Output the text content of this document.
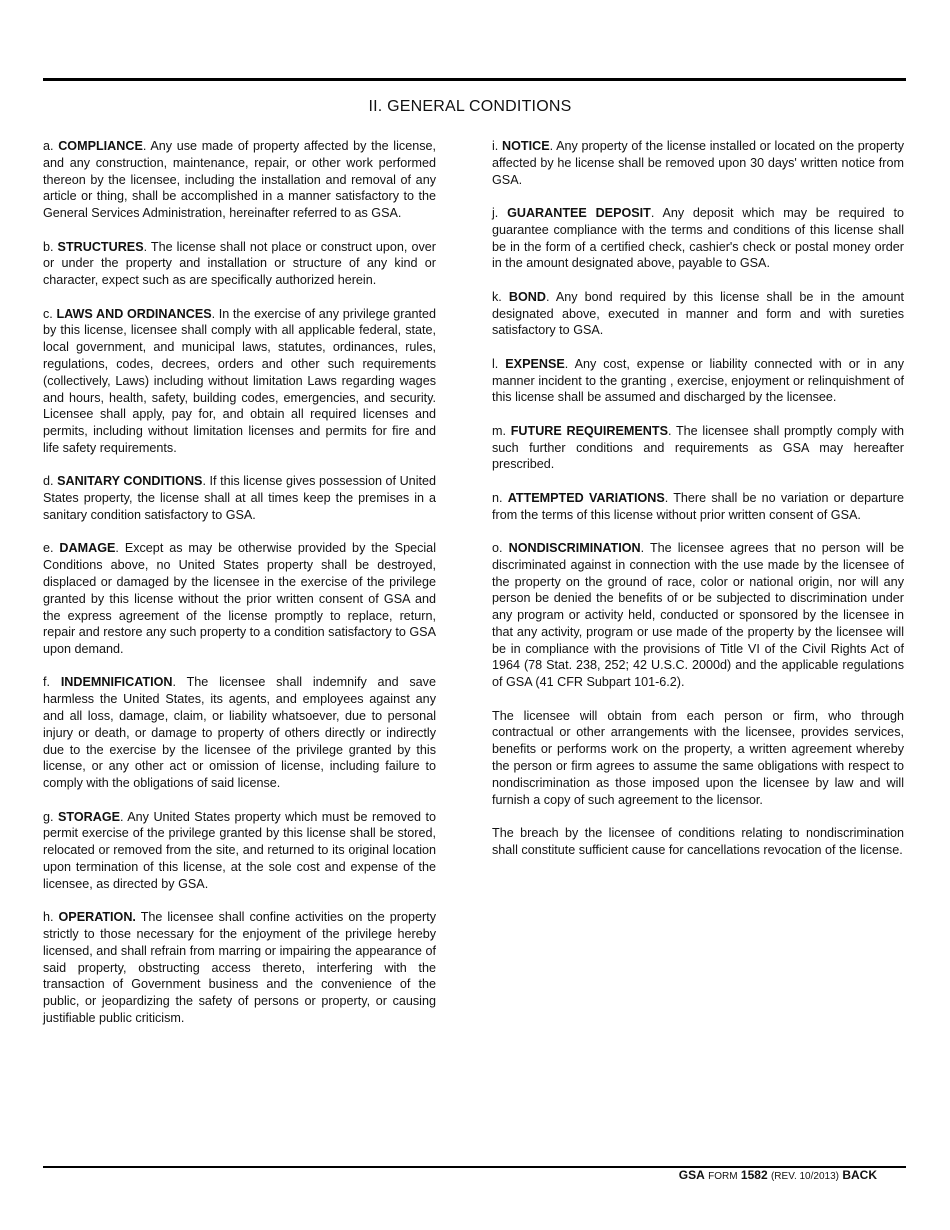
II. GENERAL CONDITIONS

a. COMPLIANCE. Any use made of property affected by the license, and any construction, maintenance, repair, or other work performed thereon by the licensee, including the installation and removal of any article or thing, shall be accomplished in a manner satisfactory to the General Services Administration, hereinafter referred to as GSA.

b. STRUCTURES. The license shall not place or construct upon, over or under the property and installation or structure of any kind or character, expect such as are specifically authorized herein.

c. LAWS AND ORDINANCES. In the exercise of any privilege granted by this license, licensee shall comply with all applicable federal, state, local government, and municipal laws, statutes, ordinances, rules, regulations, codes, decrees, orders and other such requirements (collectively, Laws) including without limitation Laws regarding wages and hours, health, safety, building codes, emergencies, and security. Licensee shall apply, pay for, and obtain all required licenses and permits, including without limitation licenses and permits for fire and life safety requirements.

d. SANITARY CONDITIONS. If this license gives possession of United States property, the license shall at all times keep the premises in a sanitary condition satisfactory to GSA.

e. DAMAGE. Except as may be otherwise provided by the Special Conditions above, no United States property shall be destroyed, displaced or damaged by the licensee in the exercise of the privilege granted by this license without the prior written consent of GSA and the express agreement of the license promptly to replace, return, repair and restore any such property to a condition satisfactory to GSA upon demand.

f. INDEMNIFICATION. The licensee shall indemnify and save harmless the United States, its agents, and employees against any and all loss, damage, claim, or liability whatsoever, due to personal injury or death, or damage to property of others directly or indirectly due to the exercise by the licensee of the privilege granted by this license, or any other act or omission of license, including failure to comply with the obligations of said license.

g. STORAGE. Any United States property which must be removed to permit exercise of the privilege granted by this license shall be stored, relocated or removed from the site, and returned to its original location upon termination of this license, at the sole cost and expense of the licensee, as directed by GSA.

h. OPERATION. The licensee shall confine activities on the property strictly to those necessary for the enjoyment of the privilege hereby licensed, and shall refrain from marring or impairing the appearance of said property, obstructing access thereto, interfering with the transaction of Government business and the convenience of the public, or jeopardizing the safety of persons or property, or causing justifiable public criticism.

i. NOTICE. Any property of the license installed or located on the property affected by he license shall be removed upon 30 days' written notice from GSA.

j. GUARANTEE DEPOSIT. Any deposit which may be required to guarantee compliance with the terms and conditions of this license shall be in the form of a certified check, cashier's check or postal money order in the amount designated above, payable to GSA.

k. BOND. Any bond required by this license shall be in the amount designated above, executed in manner and form and with sureties satisfactory to GSA.

l. EXPENSE. Any cost, expense or liability connected with or in any manner incident to the granting , exercise, enjoyment or relinquishment of this license shall be assumed and discharged by the licensee.

m. FUTURE REQUIREMENTS. The licensee shall promptly comply with such further conditions and requirements as GSA may hereafter prescribed.

n. ATTEMPTED VARIATIONS. There shall be no variation or departure from the terms of this license without prior written consent of GSA.

o. NONDISCRIMINATION. The licensee agrees that no person will be discriminated against in connection with the use made by the licensee of the property on the ground of race, color or national origin, nor will any person be denied the benefits of or be subjected to discrimination under any program or activity held, conducted or sponsored by the licensee in that any activity, program or use made of the property by the licensee will be in compliance with the provisions of Title VI of the Civil Rights Act of 1964 (78 Stat. 238, 252; 42 U.S.C. 2000d) and the applicable regulations of GSA (41 CFR Subpart 101-6.2).

The licensee will obtain from each person or firm, who through contractual or other arrangements with the licensee, provides services, benefits or performs work on the property, a written agreement whereby the person or firm agrees to assume the same obligations with respect to nondiscrimination as those imposed upon the licensee by law and will furnish a copy of such agreement to the licensor.

The breach by the licensee of conditions relating to nondiscrimination shall constitute sufficient cause for cancellations revocation of the license.

GSA FORM 1582 (REV. 10/2013) BACK
